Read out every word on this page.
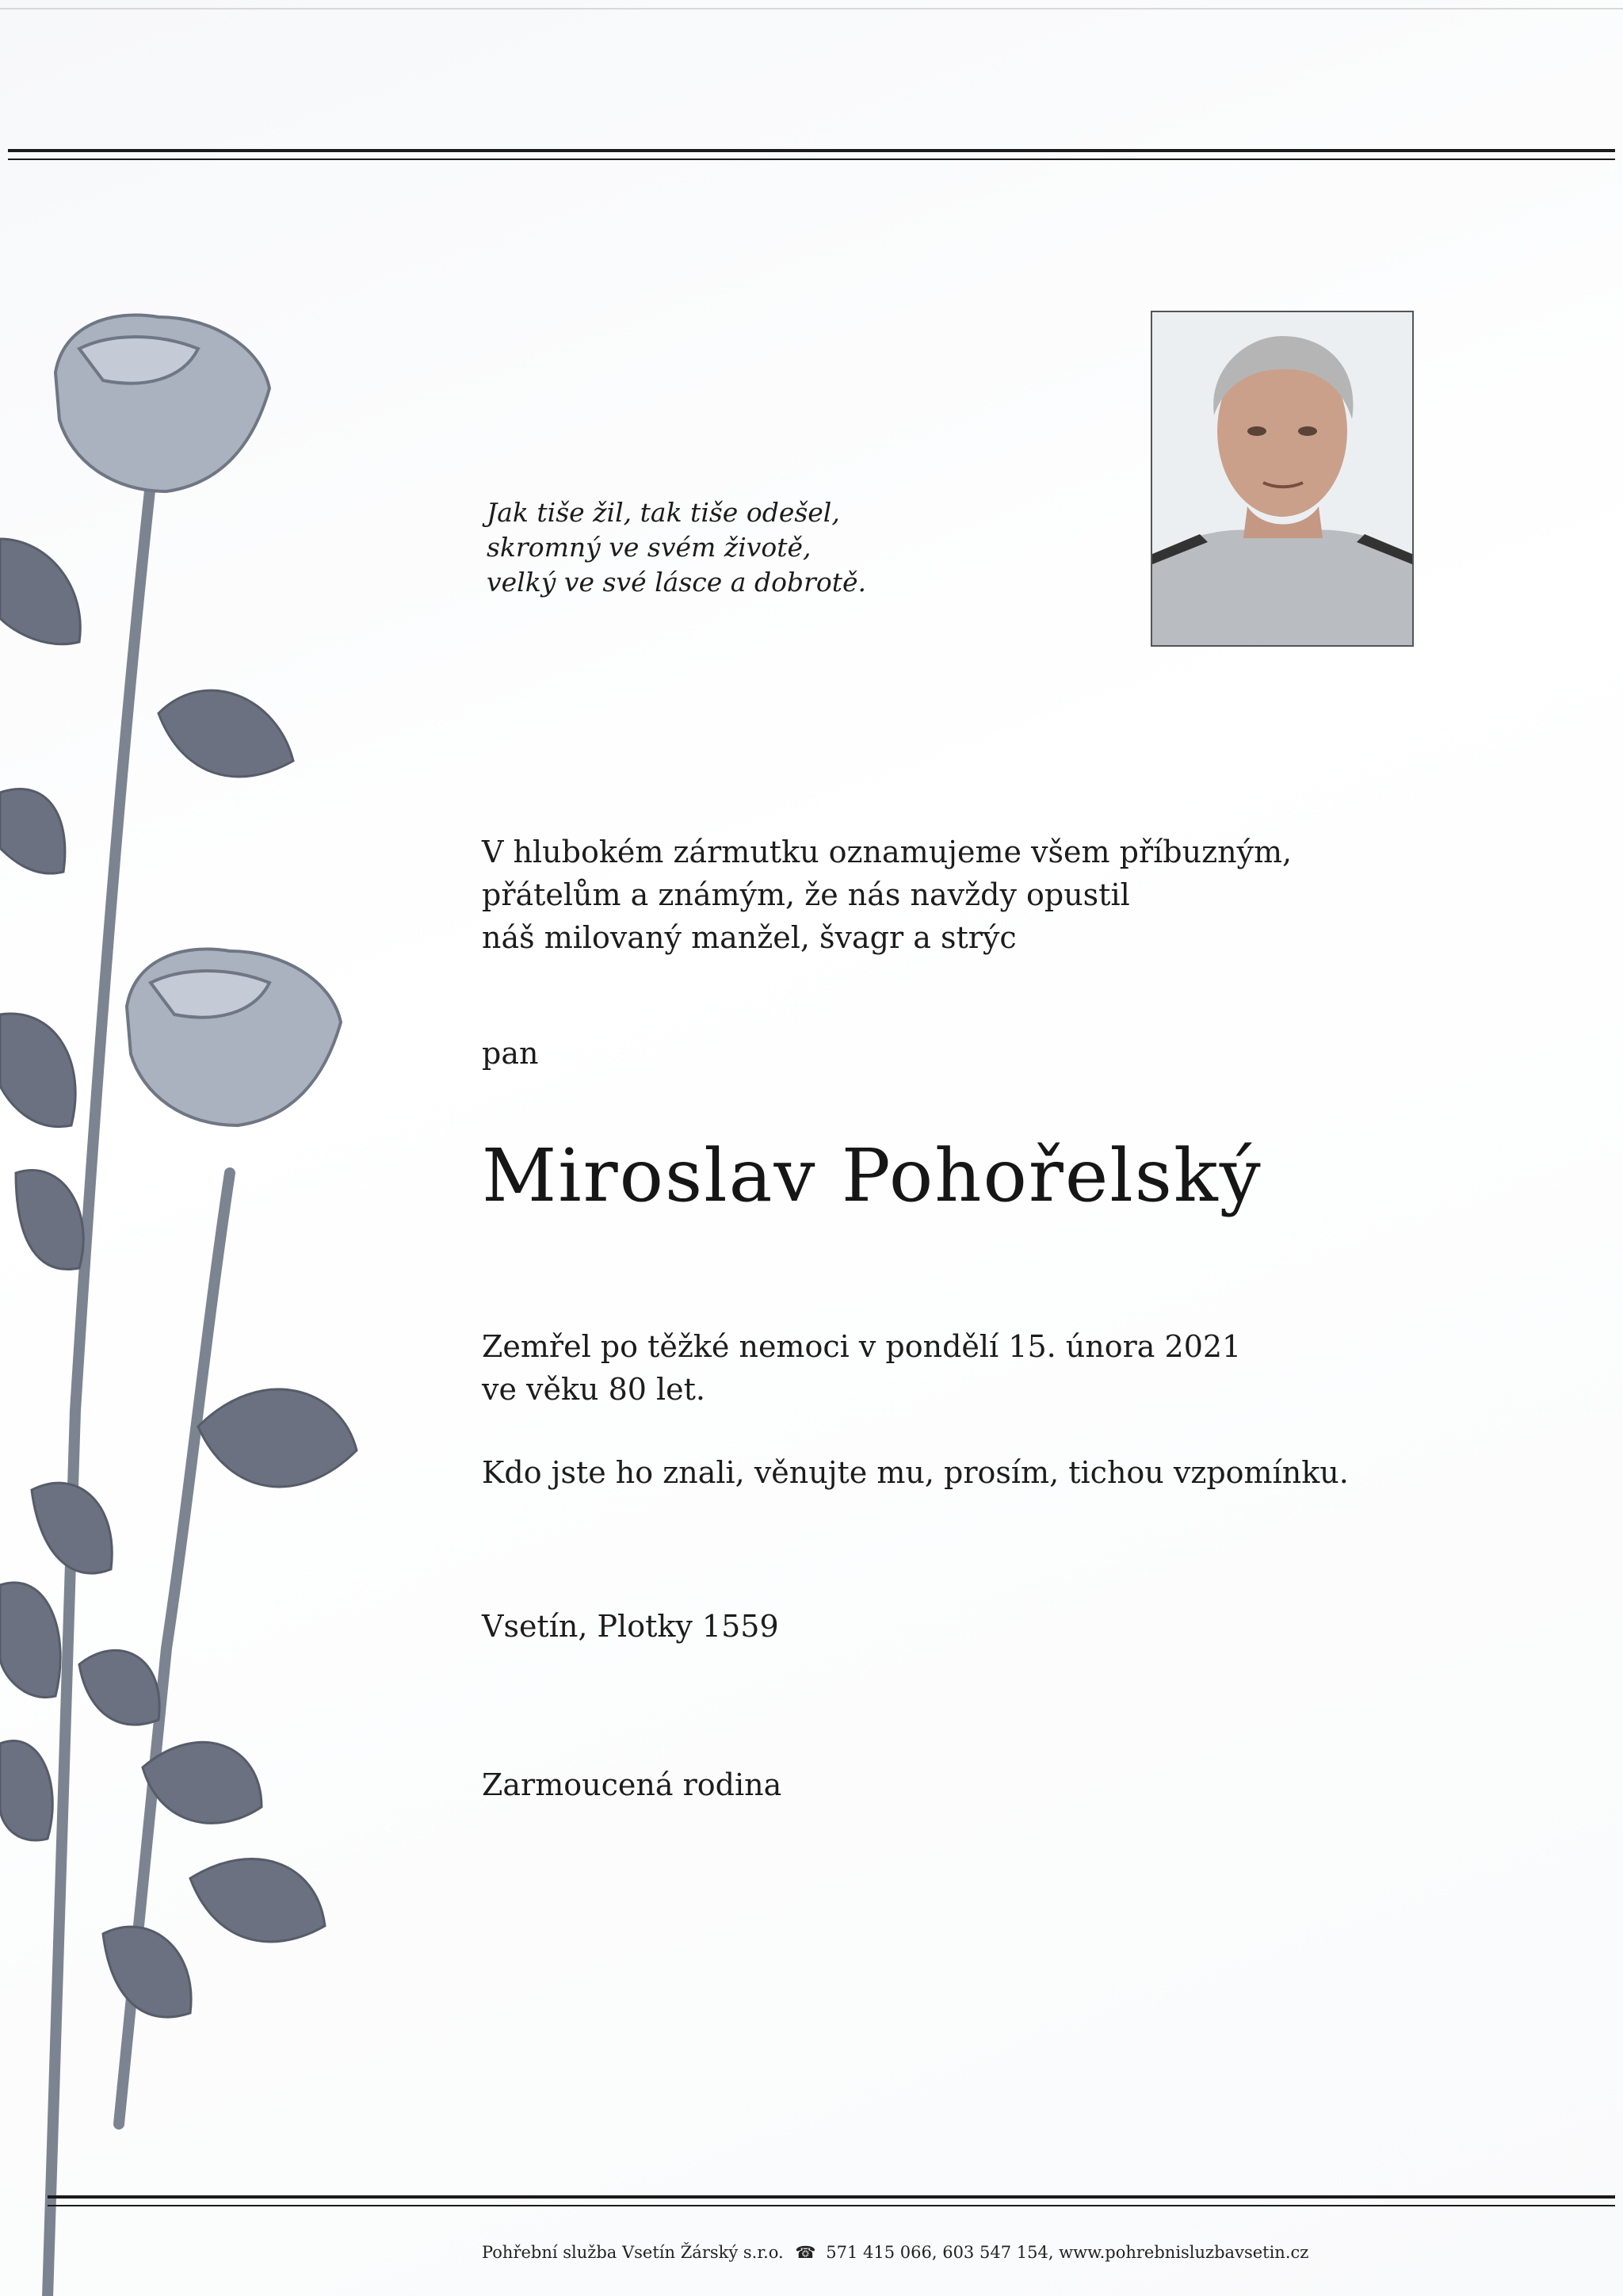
Jak tiše žil, tak tiše odešel,
skromný ve svém životě,
velký ve své lásce a dobrotě.
V hlubokém zármutku oznamujeme všem příbuzným,
přátelům a známým, že nás navždy opustil
náš milovaný manžel, švagr a strýc
pan
Miroslav Pohořelský
Zemřel po těžké nemoci v pondělí 15. února 2021
ve věku 80 let.
Kdo jste ho znali, věnujte mu, prosím, tichou vzpomínku.
Vsetín, Plotky 1559
Zarmoucená rodina
Pohřební služba Vsetín Žárský s.r.o. ☎ 571 415 066, 603 547 154, www.pohrebnisluzbavsetin.cz
